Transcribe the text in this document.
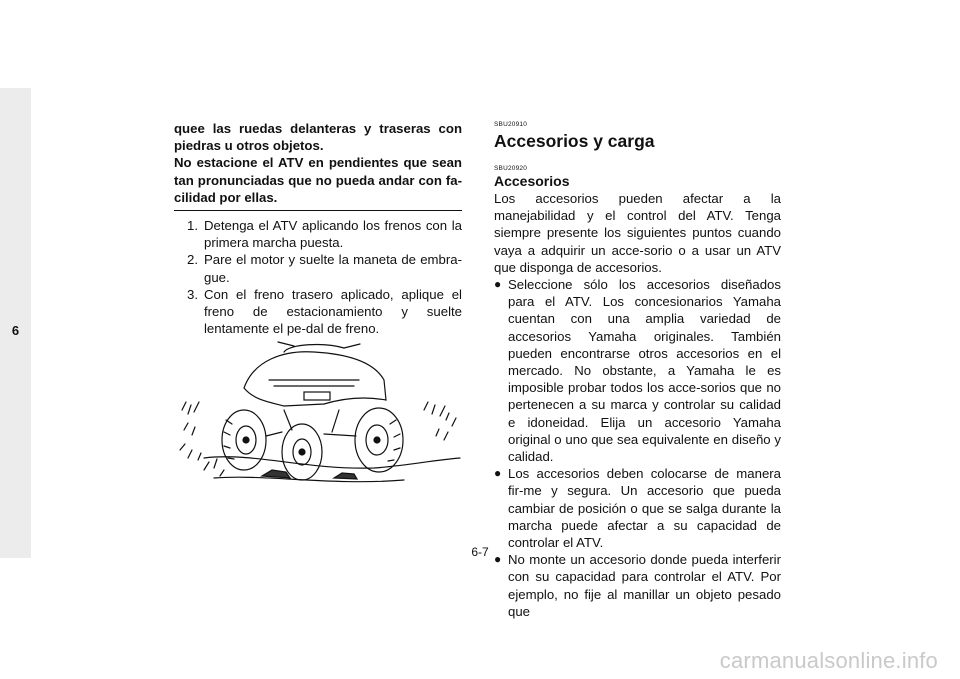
6

quee las ruedas delanteras y traseras con piedras u otros objetos.

No estacione el ATV en pendientes que sean tan pronunciadas que no pueda andar con fa-cilidad por ellas.

1. Detenga el ATV aplicando los frenos con la primera marcha puesta.
2. Pare el motor y suelte la maneta de embra-gue.
3. Con el freno trasero aplicado, aplique el freno de estacionamiento y suelte lentamente el pe-dal de freno.

SBU20910

Accesorios y carga

SBU20920

Accesorios

Los accesorios pueden afectar a la manejabilidad y el control del ATV. Tenga siempre presente los siguientes puntos cuando vaya a adquirir un acce-sorio o a usar un ATV que disponga de accesorios.

● Seleccione sólo los accesorios diseñados para el ATV. Los concesionarios Yamaha cuentan con una amplia variedad de accesorios Yamaha originales. También pueden encontrarse otros accesorios en el mercado. No obstante, a Yamaha le es imposible probar todos los acce-sorios que no pertenecen a su marca y controlar su calidad e idoneidad. Elija un accesorio Yamaha original o uno que sea equivalente en diseño y calidad.
● Los accesorios deben colocarse de manera fir-me y segura. Un accesorio que pueda cambiar de posición o que se salga durante la marcha puede afectar a su capacidad de controlar el ATV.
● No monte un accesorio donde pueda interferir con su capacidad para controlar el ATV. Por ejemplo, no fije al manillar un objeto pesado que
6-7
carmanualsonline.info
